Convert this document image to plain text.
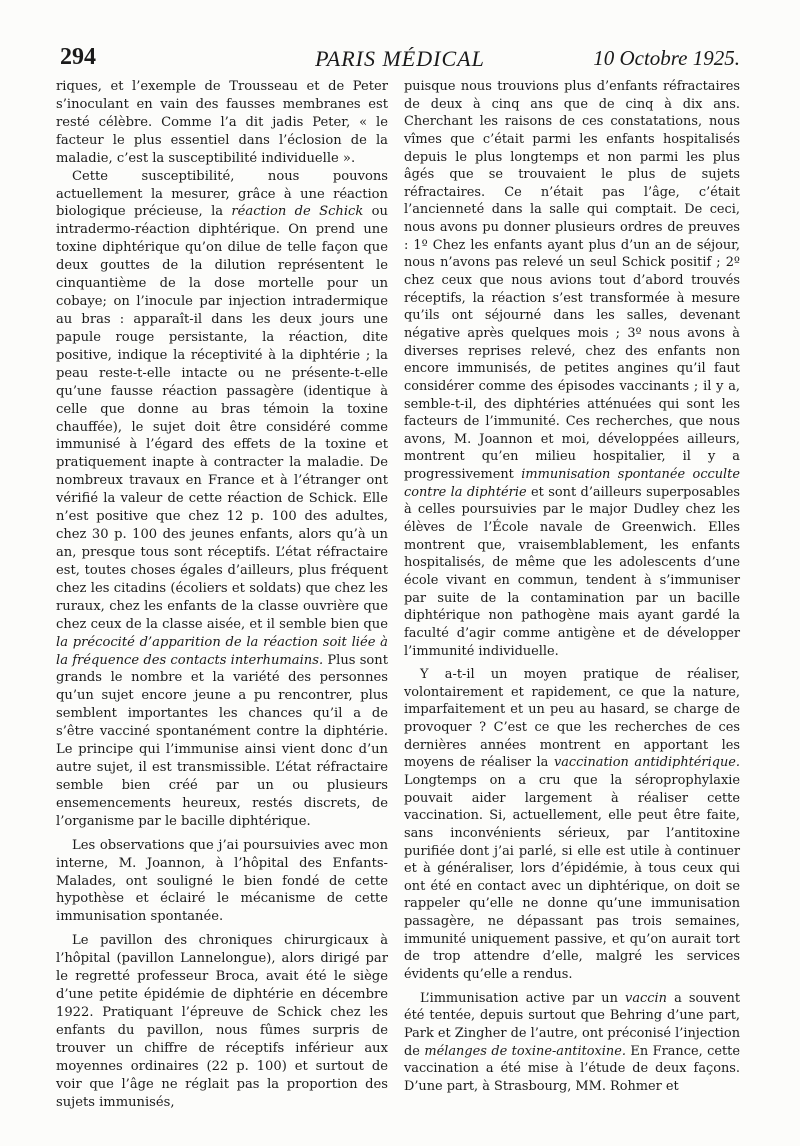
294	PARIS MÉDICAL	10 Octobre 1925.

riques, et l’exemple de Trousseau et de Peter s’inoculant en vain des fausses membranes est resté célèbre. Comme l’a dit jadis Peter, « le facteur le plus essentiel dans l’éclosion de la maladie, c’est la susceptibilité individuelle ».

Cette susceptibilité, nous pouvons actuellement la mesurer, grâce à une réaction biologique précieuse, la réaction de Schick ou intradermo-réaction diphtérique. On prend une toxine diphtérique qu’on dilue de telle façon que deux gouttes de la dilution représentent le cinquantième de la dose mortelle pour un cobaye; on l’inocule par injection intradermique au bras : apparaît-il dans les deux jours une papule rouge persistante, la réaction, dite positive, indique la réceptivité à la diphtérie ; la peau reste-t-elle intacte ou ne présente-t-elle qu’une fausse réaction passagère (identique à celle que donne au bras témoin la toxine chauffée), le sujet doit être considéré comme immunisé à l’égard des effets de la toxine et pratiquement inapte à contracter la maladie. De nombreux travaux en France et à l’étranger ont vérifié la valeur de cette réaction de Schick. Elle n’est positive que chez 12 p. 100 des adultes, chez 30 p. 100 des jeunes enfants, alors qu’à un an, presque tous sont réceptifs. L’état réfractaire est, toutes choses égales d’ailleurs, plus fréquent chez les citadins (écoliers et soldats) que chez les ruraux, chez les enfants de la classe ouvrière que chez ceux de la classe aisée, et il semble bien que la précocité d’apparition de la réaction soit liée à la fréquence des contacts interhumains. Plus sont grands le nombre et la variété des personnes qu’un sujet encore jeune a pu rencontrer, plus semblent importantes les chances qu’il a de s’être vacciné spontanément contre la diphtérie. Le principe qui l’immunise ainsi vient donc d’un autre sujet, il est transmissible. L’état réfractaire semble bien créé par un ou plusieurs ensemencements heureux, restés discrets, de l’organisme par le bacille diphtérique.

Les observations que j’ai poursuivies avec mon interne, M. Joannon, à l’hôpital des Enfants-Malades, ont souligné le bien fondé de cette hypothèse et éclairé le mécanisme de cette immunisation spontanée.

Le pavillon des chroniques chirurgicaux à l’hôpital (pavillon Lannelongue), alors dirigé par le regretté professeur Broca, avait été le siège d’une petite épidémie de diphtérie en décembre 1922. Pratiquant l’épreuve de Schick chez les enfants du pavillon, nous fûmes surpris de trouver un chiffre de réceptifs inférieur aux moyennes ordinaires (22 p. 100) et surtout de voir que l’âge ne réglait pas la proportion des sujets immunisés,

puisque nous trouvions plus d’enfants réfractaires de deux à cinq ans que de cinq à dix ans. Cherchant les raisons de ces constatations, nous vîmes que c’était parmi les enfants hospitalisés depuis le plus longtemps et non parmi les plus âgés que se trouvaient le plus de sujets réfractaires. Ce n’était pas l’âge, c’était l’ancienneté dans la salle qui comptait. De ceci, nous avons pu donner plusieurs ordres de preuves : 1º Chez les enfants ayant plus d’un an de séjour, nous n’avons pas relevé un seul Schick positif ; 2º chez ceux que nous avions tout d’abord trouvés réceptifs, la réaction s’est transformée à mesure qu’ils ont séjourné dans les salles, devenant négative après quelques mois ; 3º nous avons à diverses reprises relevé, chez des enfants non encore immunisés, de petites angines qu’il faut considérer comme des épisodes vaccinants ; il y a, semble-t-il, des diphtéries atténuées qui sont les facteurs de l’immunité. Ces recherches, que nous avons, M. Joannon et moi, développées ailleurs, montrent qu’en milieu hospitalier, il y a progressivement immunisation spontanée occulte contre la diphtérie et sont d’ailleurs superposables à celles poursuivies par le major Dudley chez les élèves de l’École navale de Greenwich. Elles montrent que, vraisemblablement, les enfants hospitalisés, de même que les adolescents d’une école vivant en commun, tendent à s’immuniser par suite de la contamination par un bacille diphtérique non pathogène mais ayant gardé la faculté d’agir comme antigène et de développer l’immunité individuelle.

Y a-t-il un moyen pratique de réaliser, volontairement et rapidement, ce que la nature, imparfaitement et un peu au hasard, se charge de provoquer ? C’est ce que les recherches de ces dernières années montrent en apportant les moyens de réaliser la vaccination antidiphtérique. Longtemps on a cru que la séroprophylaxie pouvait aider largement à réaliser cette vaccination. Si, actuellement, elle peut être faite, sans inconvénients sérieux, par l’antitoxine purifiée dont j’ai parlé, si elle est utile à continuer et à généraliser, lors d’épidémie, à tous ceux qui ont été en contact avec un diphtérique, on doit se rappeler qu’elle ne donne qu’une immunisation passagère, ne dépassant pas trois semaines, immunité uniquement passive, et qu’on aurait tort de trop attendre d’elle, malgré les services évidents qu’elle a rendus.

L’immunisation active par un vaccin a souvent été tentée, depuis surtout que Behring d’une part, Park et Zingher de l’autre, ont préconisé l’injection de mélanges de toxine-antitoxine. En France, cette vaccination a été mise à l’étude de deux façons. D’une part, à Strasbourg, MM. Rohmer et
